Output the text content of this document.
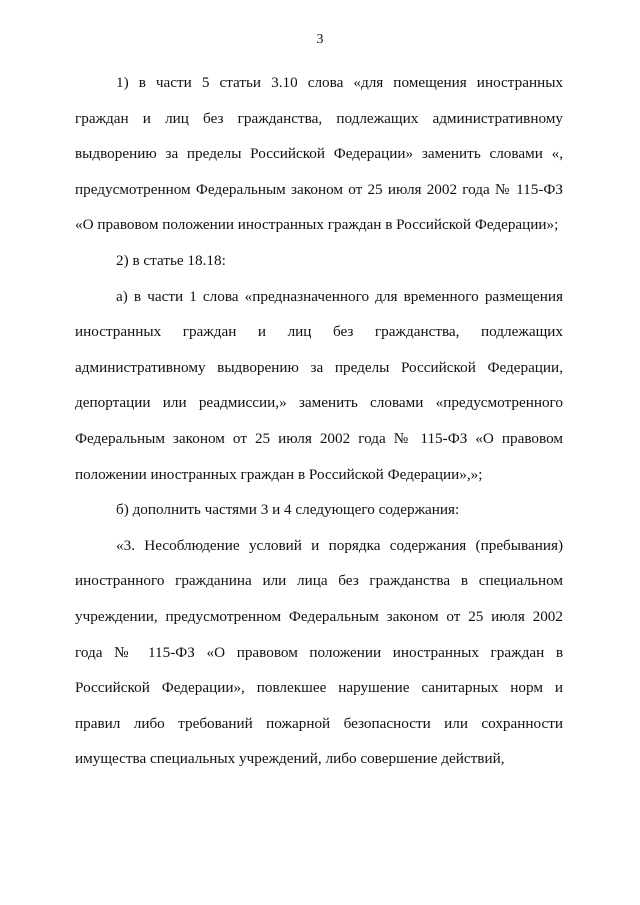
3

1) в части 5 статьи 3.10 слова «для помещения иностранных граждан и лиц без гражданства, подлежащих административному выдворению за пределы Российской Федерации» заменить словами «, предусмотренном Федеральным законом от 25 июля 2002 года № 115-ФЗ «О правовом положении иностранных граждан в Российской Федерации»;

2) в статье 18.18:

а) в части 1 слова «предназначенного для временного размещения иностранных граждан и лиц без гражданства, подлежащих административному выдворению за пределы Российской Федерации, депортации или реадмиссии,» заменить словами «предусмотренного Федеральным законом от 25 июля 2002 года № 115-ФЗ «О правовом положении иностранных граждан в Российской Федерации»,»;

б) дополнить частями 3 и 4 следующего содержания:

«3. Несоблюдение условий и порядка содержания (пребывания) иностранного гражданина или лица без гражданства в специальном учреждении, предусмотренном Федеральным законом от 25 июля 2002 года № 115-ФЗ «О правовом положении иностранных граждан в Российской Федерации», повлекшее нарушение санитарных норм и правил либо требований пожарной безопасности или сохранности имущества специальных учреждений, либо совершение действий,
